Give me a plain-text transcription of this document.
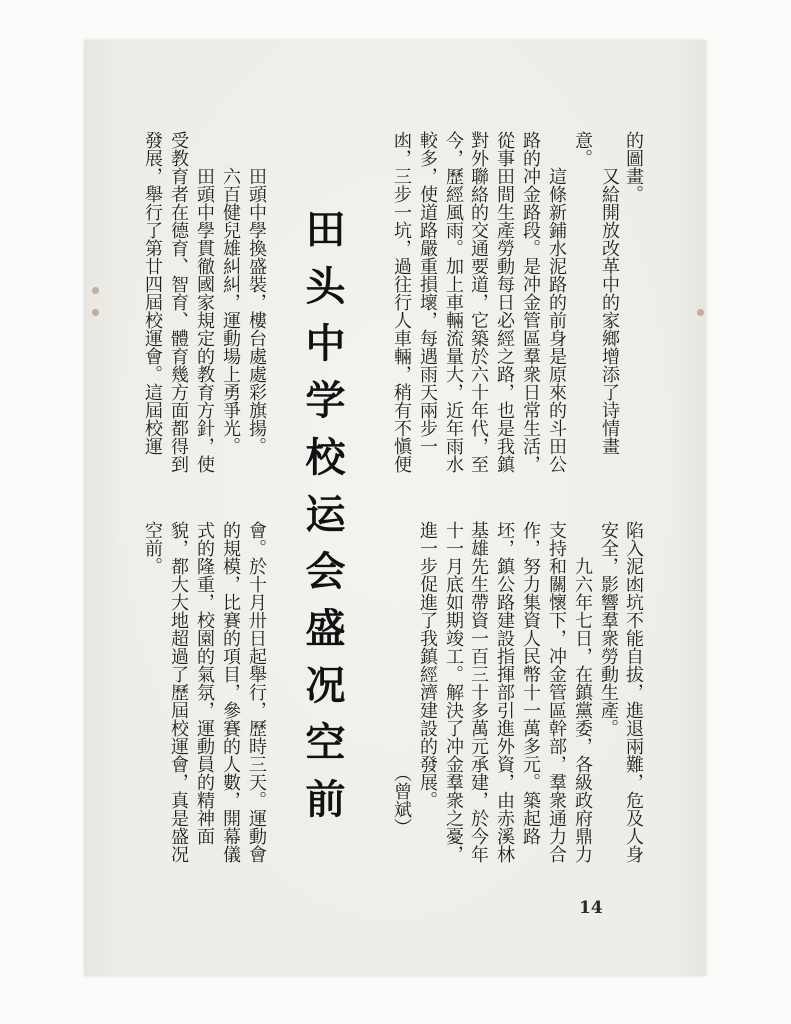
的圖畫。
又給開放改革中的家鄉增添了诗情畫
意。
這條新鋪水泥路的前身是原來的斗田公
路的冲金路段。是冲金管區羣衆日常生活，
從事田間生產勞動每日必經之路，也是我鎮
對外聯絡的交通要道，它築於六十年代，至
今，歷經風雨。加上車輛流量大，近年雨水
較多，使道路嚴重損壞，每遇雨天兩步一
凼，三步一坑，過往行人車輛，稍有不愼便
陷入泥凼坑不能自拔，進退兩難，危及人身
安全，影響羣衆勞動生產。
九六年七日，在鎮黨委，各級政府鼎力
支持和關懷下，冲金管區幹部，羣衆通力合
作，努力集資人民幣十一萬多元。築起路
坯，鎮公路建設指揮部引進外資，由赤溪林
基雄先生帶資一百三十多萬元承建，於今年
十一月底如期竣工。解決了冲金羣衆之憂，
進一步促進了我鎮經濟建設的發展。
（曾斌）
田头中学校运会盛况空前
田頭中學換盛裝，樓台處處彩旗揚。
六百健兒雄糾糾，運動場上勇爭光。
田頭中學貫徹國家規定的教育方針，使
受教育者在德育、智育、體育幾方面都得到
發展，舉行了第廿四屆校運會。這屆校運
會。於十月卅日起舉行，歷時三天。運動會
的規模，比賽的項目，參賽的人數，開幕儀
式的隆重，校園的氣氛，運動員的精神面
貌，都大大地超過了歷屆校運會，真是盛况
空前。
14
